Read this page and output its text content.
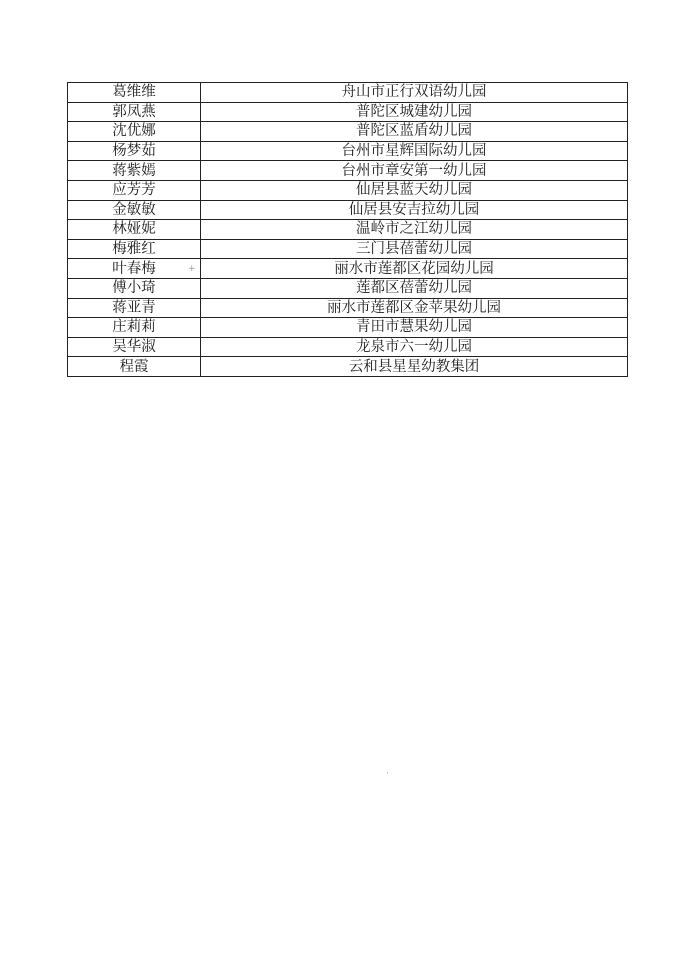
葛维维	舟山市正行双语幼儿园
郭凤燕	普陀区城建幼儿园
沈优娜	普陀区蓝盾幼儿园
杨梦茹	台州市星辉国际幼儿园
蒋紫嫣	台州市章安第一幼儿园
应芳芳	仙居县蓝天幼儿园
金敏敏	仙居县安吉拉幼儿园
林娅妮	温岭市之江幼儿园
梅雅红	三门县蓓蕾幼儿园
叶春梅	丽水市莲都区花园幼儿园
傅小琦	莲都区蓓蕾幼儿园
蒋亚青	丽水市莲都区金苹果幼儿园
庄莉莉	青田市慧果幼儿园
吴华淑	龙泉市六一幼儿园
程霞	云和县星星幼教集团
+
·
